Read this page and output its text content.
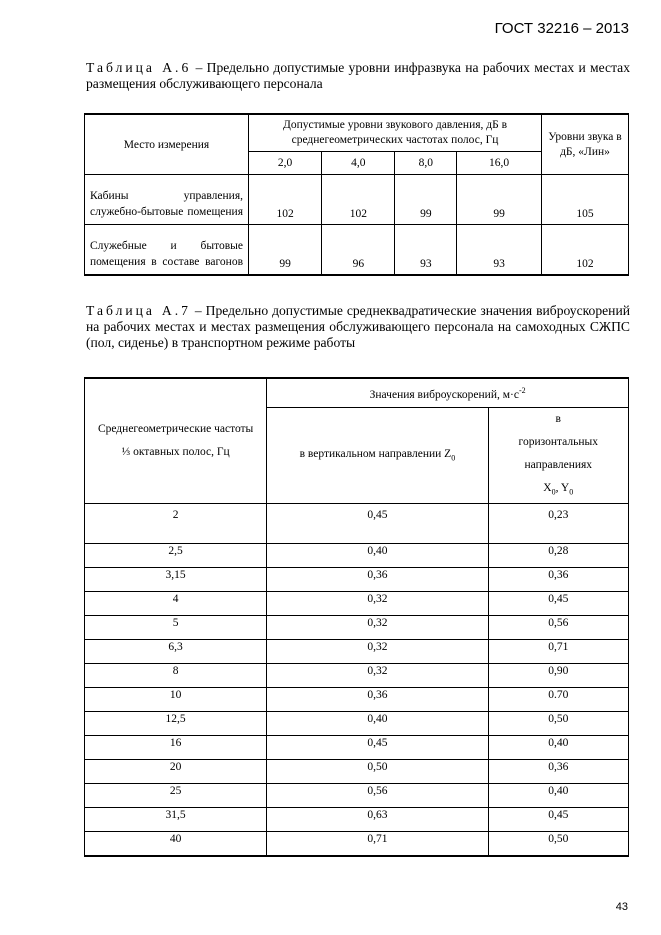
ГОСТ 32216 – 2013
Таблица А.6 – Предельно допустимые уровни инфразвука на рабочих местах и местах размещения обслуживающего персонала
Место измерения	Допустимые уровни звукового давления, дБ в среднегеометрических частотах полос, Гц				Уровни звука в дБ, «Лин»
	2,0	4,0	8,0	16,0	
Кабины управления, служебно-бытовые помещения	102	102	99	99	105
Служебные и бытовые помещения в составе вагонов	99	96	93	93	102
Таблица А.7 – Предельно допустимые среднеквадратические значения виброускорений на рабочих местах и местах размещения обслуживающего персонала на самоходных СЖПС (пол, сиденье) в транспортном режиме работы
Среднегеометрические частоты ⅓ октавных полос, Гц	Значения виброускорений, $м\cdot с^{-2}$
	в вертикальном направлении $Z_0$	в горизонтальных направлениях $X_0$, $Y_0$
2	0,45	0,23
2,5	0,40	0,28
3,15	0,36	0,36
4	0,32	0,45
5	0,32	0,56
6,3	0,32	0,71
8	0,32	0,90
10	0,36	0.70
12,5	0,40	0,50
16	0,45	0,40
20	0,50	0,36
25	0,56	0,40
31,5	0,63	0,45
40	0,71	0,50
43
